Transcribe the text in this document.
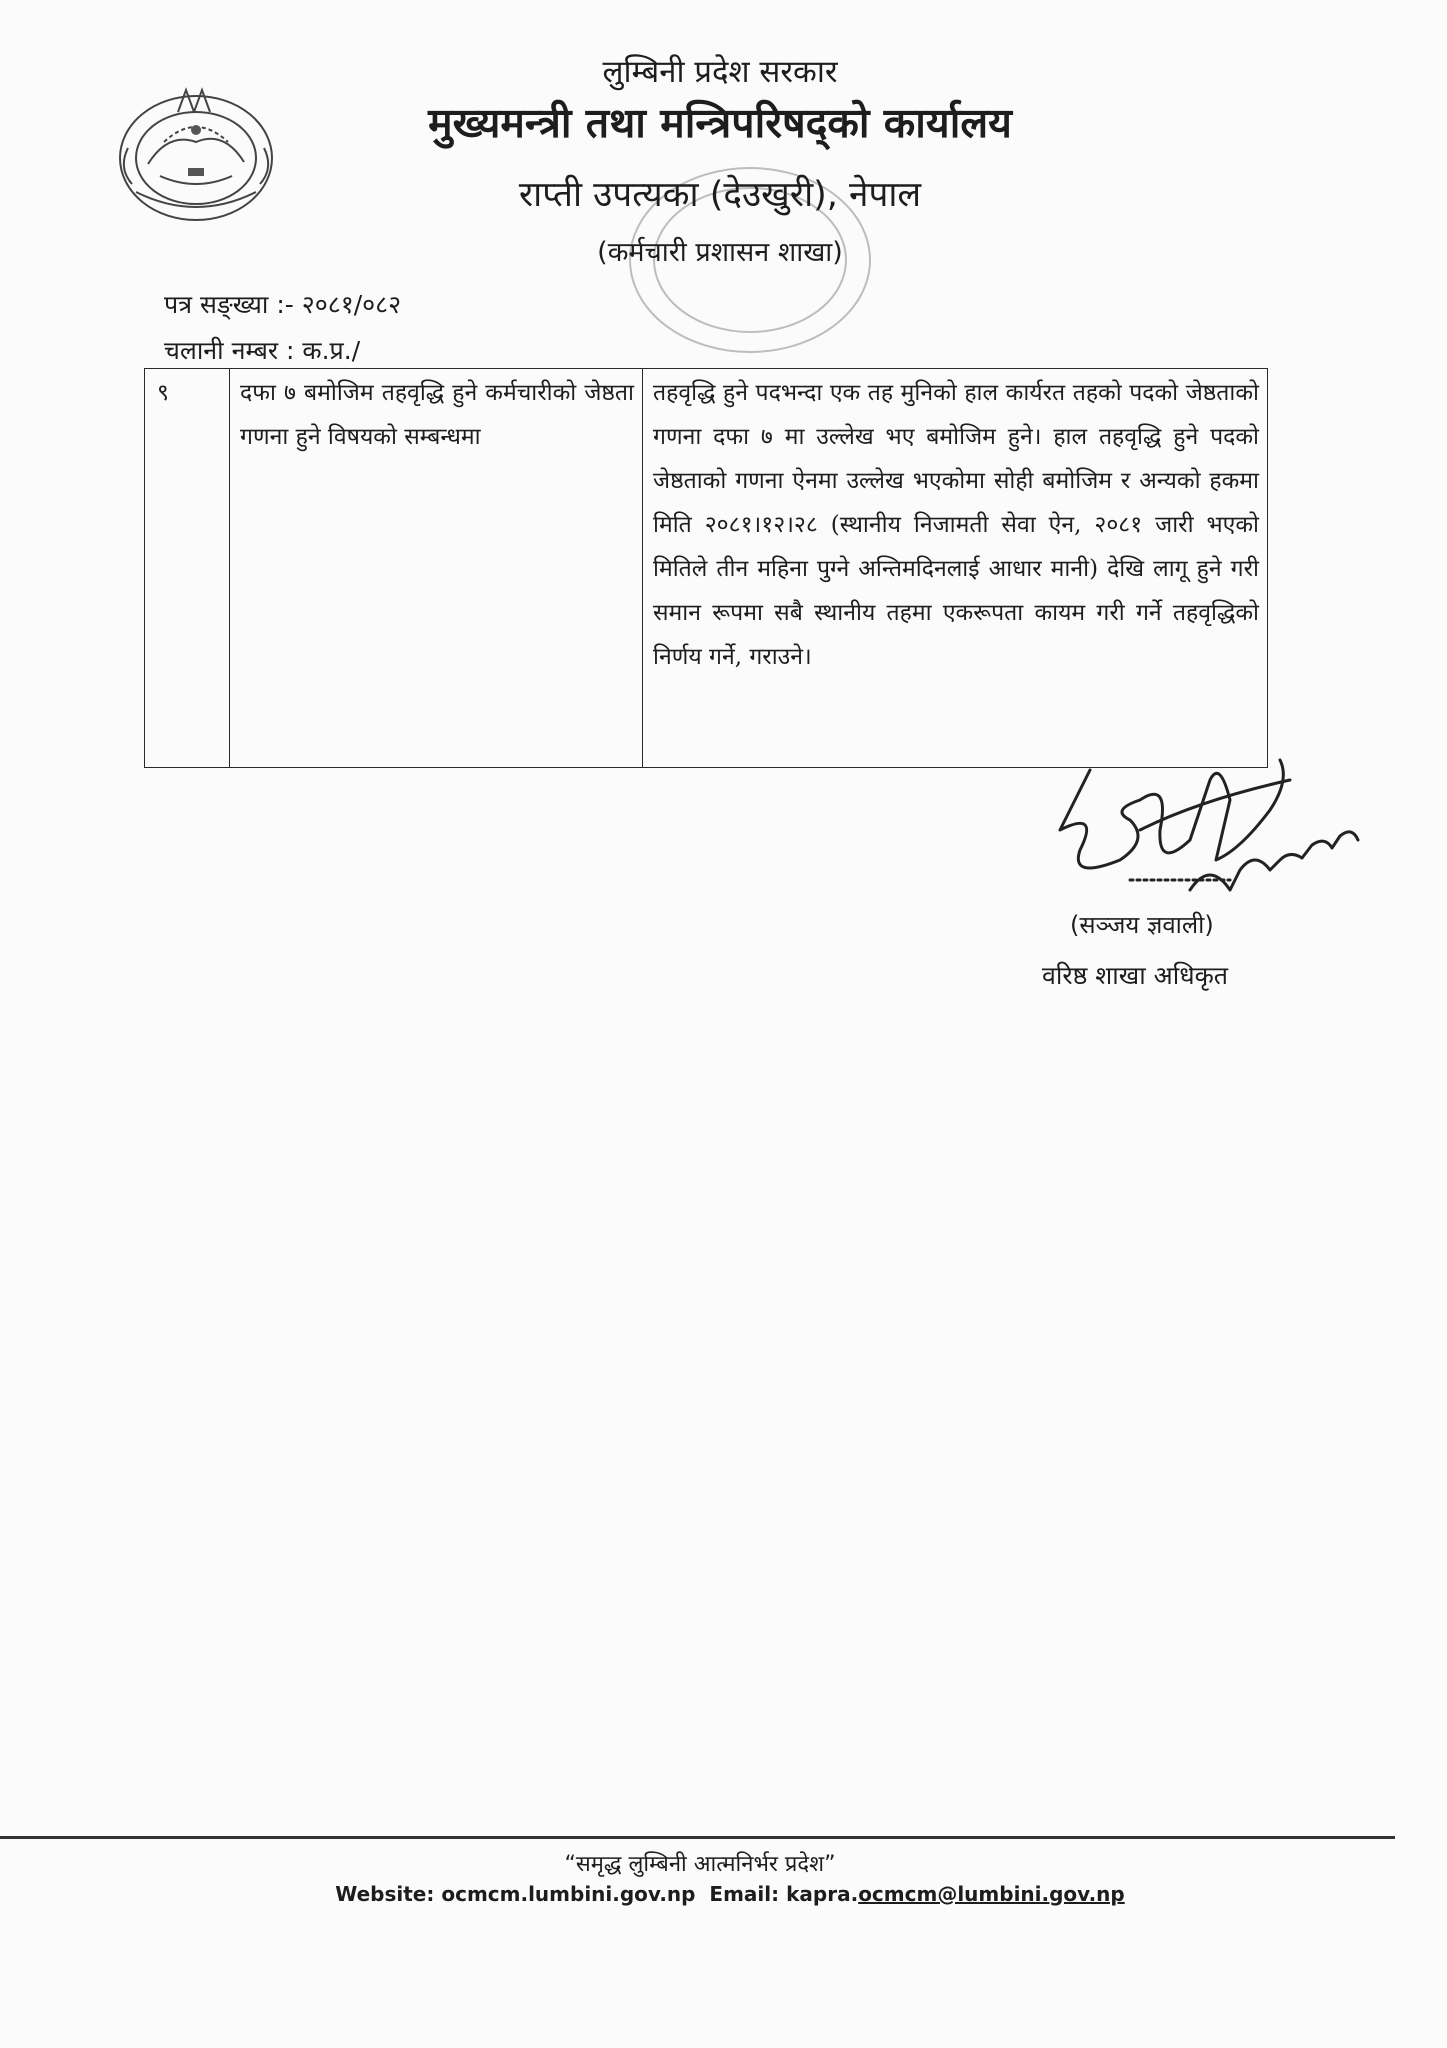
लुम्बिनी प्रदेश सरकार
मुख्यमन्त्री तथा मन्त्रिपरिषद्को कार्यालय
राप्ती उपत्यका (देउखुरी), नेपाल
(कर्मचारी प्रशासन शाखा)
पत्र सङ्ख्या :- २०८१/०८२
चलानी नम्बर : क.प्र./
९	दफा ७ बमोजिम तहवृद्धि हुने कर्मचारीको जेष्ठता गणना हुने विषयको सम्बन्धमा	तहवृद्धि हुने पदभन्दा एक तह मुनिको हाल कार्यरत तहको पदको जेष्ठताको गणना दफा ७ मा उल्लेख भए बमोजिम हुने। हाल तहवृद्धि हुने पदको जेष्ठताको गणना ऐनमा उल्लेख भएकोमा सोही बमोजिम र अन्यको हकमा मिति २०८१।१२।२८ (स्थानीय निजामती सेवा ऐन, २०८१ जारी भएको मितिले तीन महिना पुग्ने अन्तिमदिनलाई आधार मानी) देखि लागू हुने गरी समान रूपमा सबै स्थानीय तहमा एकरूपता कायम गरी गर्ने तहवृद्धिको निर्णय गर्ने, गराउने।
(सञ्जय ज्ञवाली)
वरिष्ठ शाखा अधिकृत
“समृद्ध लुम्बिनी आत्मनिर्भर प्रदेश”
Website: ocmcm.lumbini.gov.np Email: kapra.ocmcm@lumbini.gov.np
